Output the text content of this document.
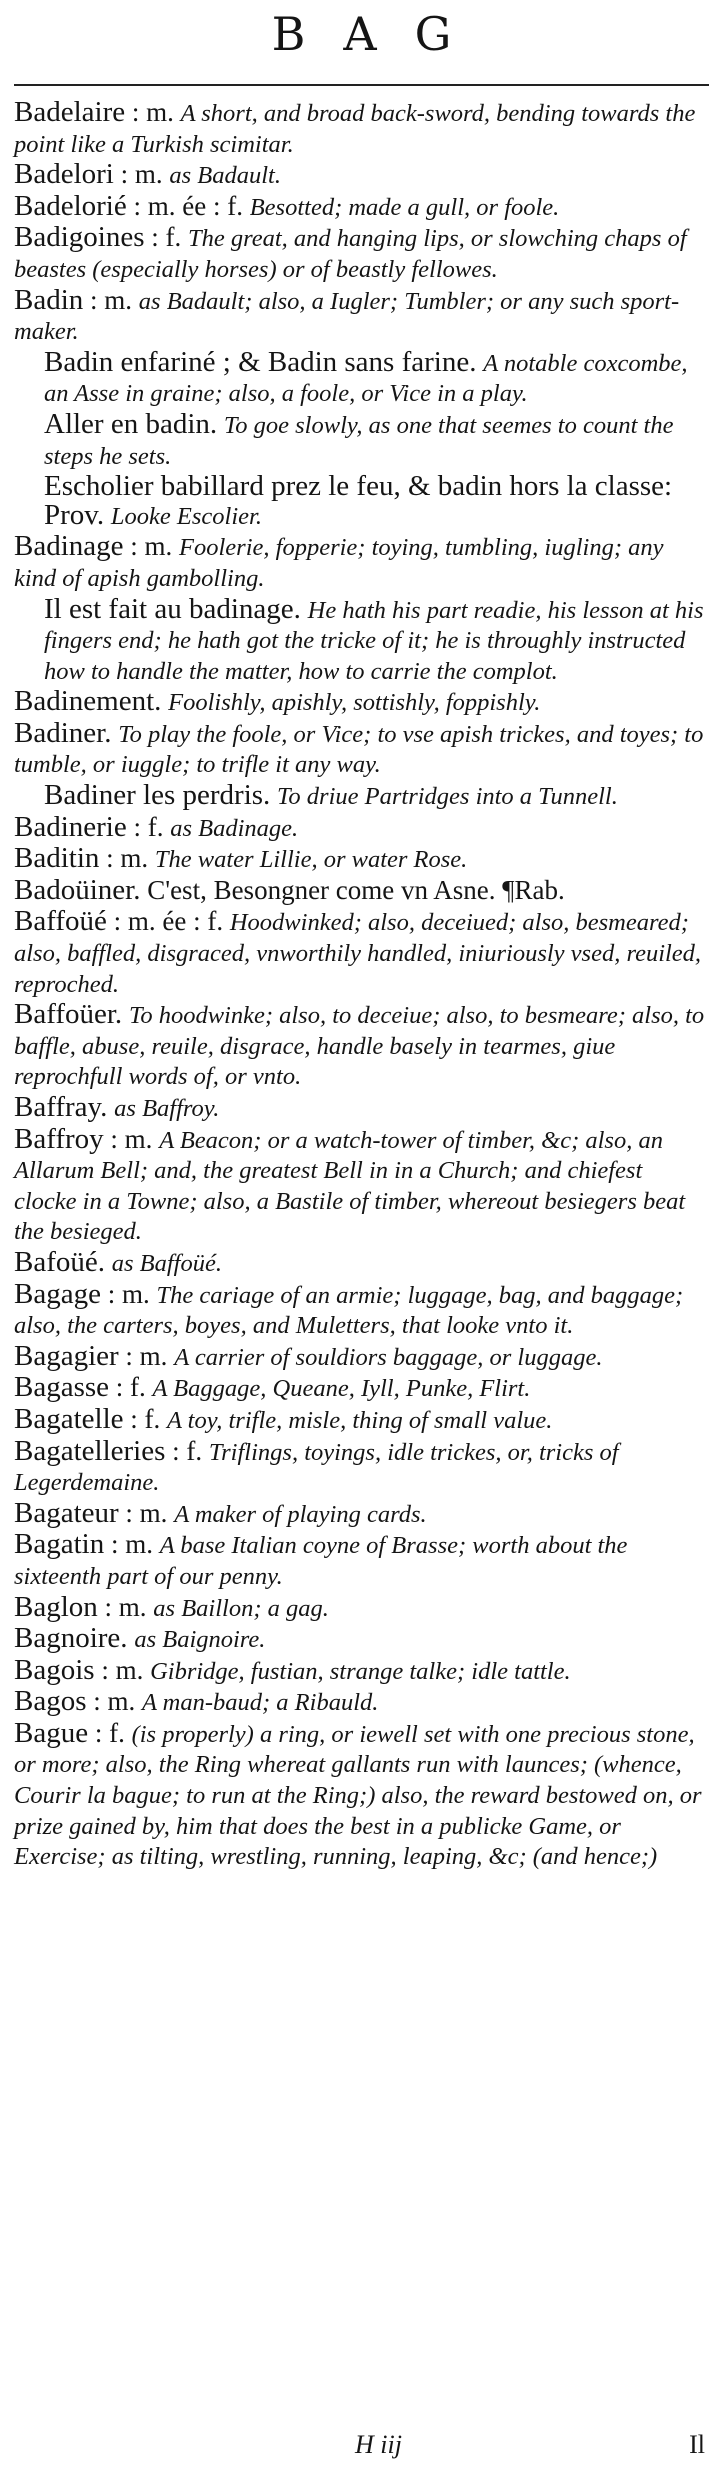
BAG
Badelaire : m. A short, and broad back-sword, bending towards the point like a Turkish scimitar.
Badelori : m. as Badault.
Badelorié : m. ée : f. Besotted; made a gull, or foole.
Badigoines : f. The great, and hanging lips, or slowching chaps of beastes (especially horses) or of beastly fellowes.
Badin : m. as Badault; also, a Iugler; Tumbler; or any such sport-maker.
Badin enfariné ; & Badin sans farine. A notable coxcombe, an Asse in graine; also, a foole, or Vice in a play.
Aller en badin. To goe slowly, as one that seemes to count the steps he sets.
Escholier babillard prez le feu, & badin hors la classe: Prov. Looke Escolier.
Badinage : m. Foolerie, fopperie; toying, tumbling, iugling; any kind of apish gambolling.
Il est fait au badinage. He hath his part readie, his lesson at his fingers end; he hath got the tricke of it; he is throughly instructed how to handle the matter, how to carrie the complot.
Badinement. Foolishly, apishly, sottishly, foppishly.
Badiner. To play the foole, or Vice; to vse apish trickes, and toyes; to tumble, or iuggle; to trifle it any way.
Badiner les perdris. To driue Partridges into a Tunnell.
Badinerie : f. as Badinage.
Baditin : m. The water Lillie, or water Rose.
Badoüiner. C'est, Besongner come vn Asne. ¶Rab.
Baffoüé : m. ée : f. Hoodwinked; also, deceiued; also, besmeared; also, baffled, disgraced, vnworthily handled, iniuriously vsed, reuiled, reproched.
Baffoüer. To hoodwinke; also, to deceiue; also, to besmeare; also, to baffle, abuse, reuile, disgrace, handle basely in tearmes, giue reprochfull words of, or vnto.
Baffray. as Baffroy.
Baffroy : m. A Beacon; or a watch-tower of timber, &c; also, an Allarum Bell; and, the greatest Bell in in a Church; and chiefest clocke in a Towne; also, a Bastile of timber, whereout besiegers beat the besieged.
Bafoüé. as Baffoüé.
Bagage : m. The cariage of an armie; luggage, bag, and baggage; also, the carters, boyes, and Muletters, that looke vnto it.
Bagagier : m. A carrier of souldiors baggage, or luggage.
Bagasse : f. A Baggage, Queane, Iyll, Punke, Flirt.
Bagatelle : f. A toy, trifle, misle, thing of small value.
Bagatelleries : f. Triflings, toyings, idle trickes, or, tricks of Legerdemaine.
Bagateur : m. A maker of playing cards.
Bagatin : m. A base Italian coyne of Brasse; worth about the sixteenth part of our penny.
Baglon : m. as Baillon; a gag.
Bagnoire. as Baignoire.
Bagois : m. Gibridge, fustian, strange talke; idle tattle.
Bagos : m. A man-baud; a Ribauld.
Bague : f. (is properly) a ring, or iewell set with one precious stone, or more; also, the Ring whereat gallants run with launces; (whence, Courir la bague; to run at the Ring;) also, the reward bestowed on, or prize gained by, him that does the best in a publicke Game, or Exercise; as tilting, wrestling, running, leaping, &c; (and hence;)
H iij	Il
